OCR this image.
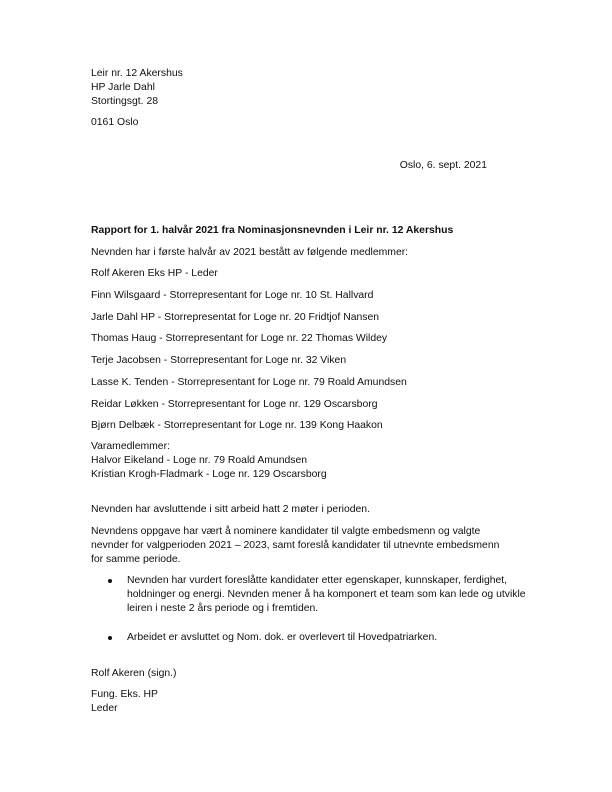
Leir nr. 12 Akershus
HP Jarle Dahl
Stortingsgt. 28
0161 Oslo
Oslo, 6. sept. 2021
Rapport for 1. halvår 2021 fra Nominasjonsnevnden i Leir nr. 12 Akershus
Nevnden har i første halvår av 2021 bestått av følgende medlemmer:
Rolf Akeren Eks HP - Leder
Finn Wilsgaard - Storrepresentant for Loge nr. 10 St. Hallvard
Jarle Dahl HP - Storrepresentat for Loge nr. 20 Fridtjof Nansen
Thomas Haug - Storrepresentant for Loge nr. 22 Thomas Wildey
Terje Jacobsen - Storrepresentant for Loge nr. 32 Viken
Lasse K. Tenden - Storrepresentant for Loge nr. 79 Roald Amundsen
Reidar Løkken - Storrepresentant for Loge nr. 129 Oscarsborg
Bjørn Delbæk - Storrepresentant for Loge nr. 139 Kong Haakon
Varamedlemmer:
Halvor Eikeland - Loge nr. 79 Roald Amundsen
Kristian Krogh-Fladmark - Loge nr. 129 Oscarsborg
Nevnden har avsluttende i sitt arbeid hatt 2 møter i perioden.
Nevndens oppgave har vært å nominere kandidater til valgte embedsmenn og valgte nevnder for valgperioden 2021 – 2023, samt foreslå kandidater til utnevnte embedsmenn for samme periode.
Nevnden har vurdert foreslåtte kandidater etter egenskaper, kunnskaper, ferdighet, holdninger og energi. Nevnden mener å ha komponert et team som kan lede og utvikle leiren i neste 2 års periode og i fremtiden.
Arbeidet er avsluttet og Nom. dok. er overlevert til Hovedpatriarken.
Rolf Akeren (sign.)
Fung. Eks. HP
Leder
